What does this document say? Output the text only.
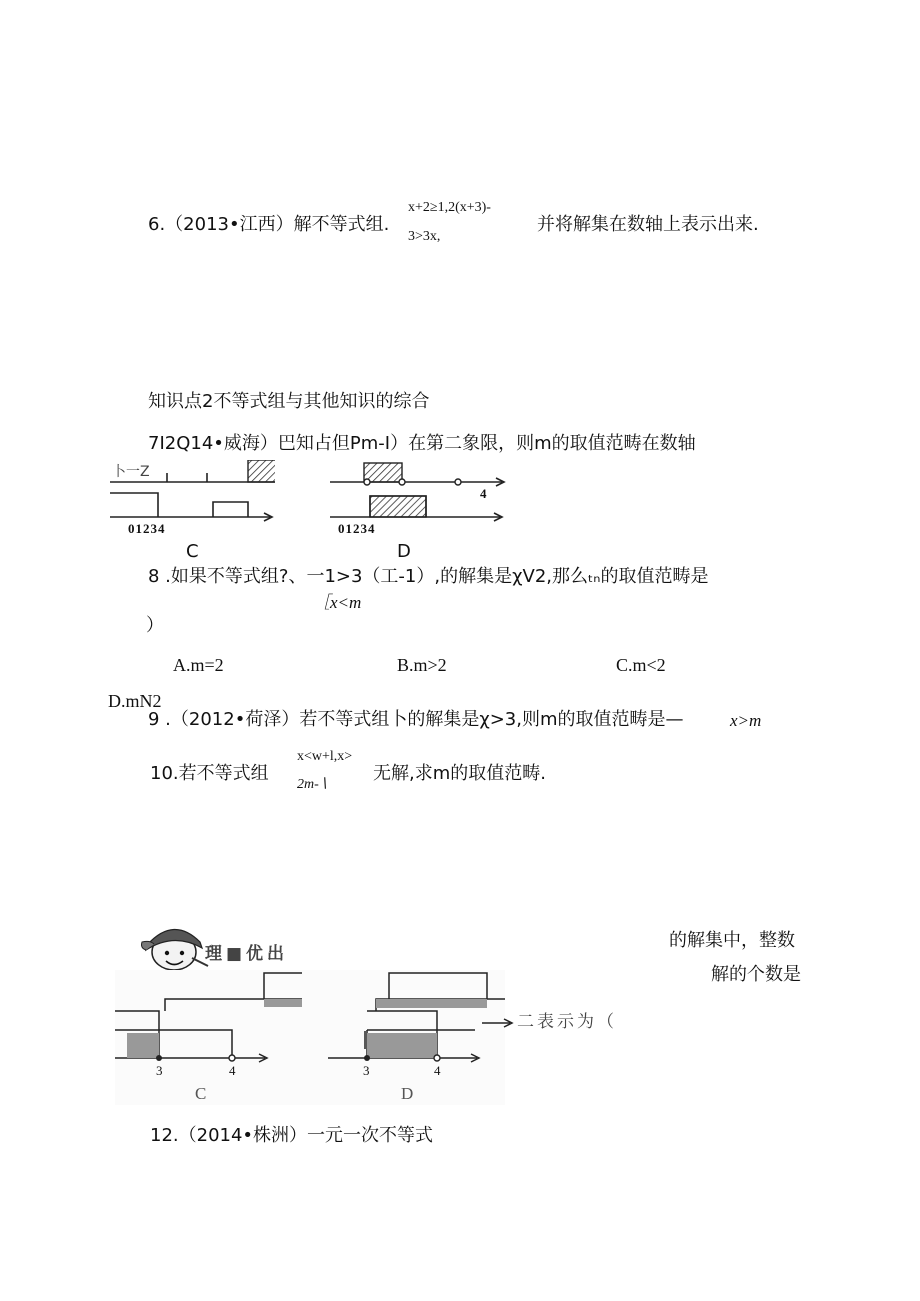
6.（2013•江西）解不等式组.
x+2≥1,2(x+3)-
3>3x,
并将解集在数轴上表示出来.
知识点2不等式组与其他知识的综合
7I2Q14•威海）巴知占但Pm-I）在第二象限，则m的取值范畴在数轴
卜一Z
01234
C
4
01234
D
8 .如果不等式组?、一1>3（工-1）,的解集是χV2,那么ₜₙ的取值范畴是
［x<m
）
A.m=2	B.m>2	C.m<2
D.mN2
9 .（2012•荷泽）若不等式组卜的解集是χ>3,则m的取值范畴是—	x>m
10.若不等式组
x<w+l,x>
2m-∖
无解,求m的取值范畴.
理■优出
3	4
C
3	4
D
二表示为（
的解集中，整数
解的个数是
12.（2014•株洲）一元一次不等式
